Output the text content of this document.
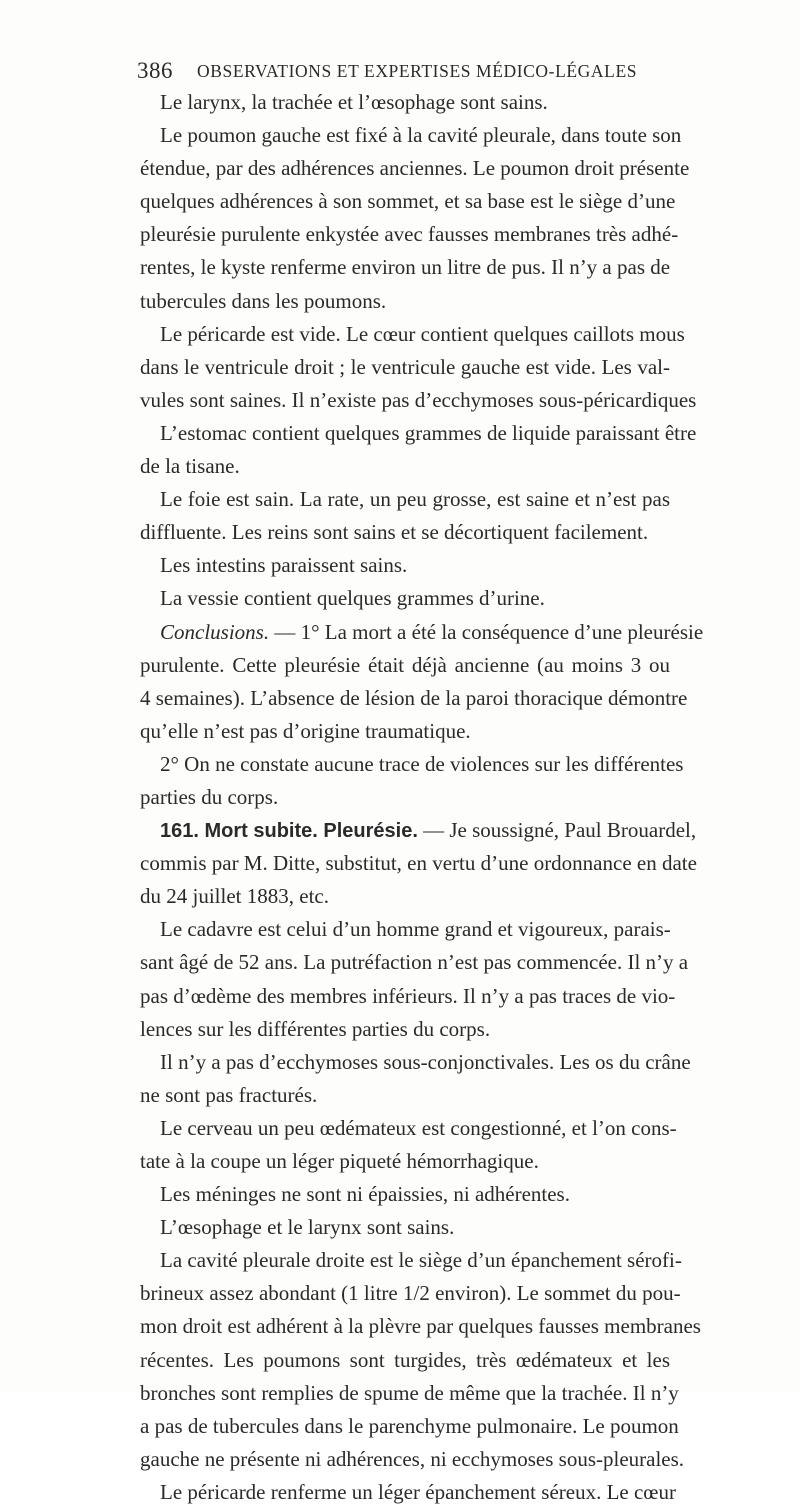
386 OBSERVATIONS ET EXPERTISES MÉDICO-LÉGALES
Le larynx, la trachée et l’œsophage sont sains.
Le poumon gauche est fixé à la cavité pleurale, dans toute son
étendue, par des adhérences anciennes. Le poumon droit présente
quelques adhérences à son sommet, et sa base est le siège d’une
pleurésie purulente enkystée avec fausses membranes très adhé-
rentes, le kyste renferme environ un litre de pus. Il n’y a pas de
tubercules dans les poumons.
Le péricarde est vide. Le cœur contient quelques caillots mous
dans le ventricule droit ; le ventricule gauche est vide. Les val-
vules sont saines. Il n’existe pas d’ecchymoses sous-péricardiques
L’estomac contient quelques grammes de liquide paraissant être
de la tisane.
Le foie est sain. La rate, un peu grosse, est saine et n’est pas
diffluente. Les reins sont sains et se décortiquent facilement.
Les intestins paraissent sains.
La vessie contient quelques grammes d’urine.
Conclusions. — 1° La mort a été la conséquence d’une pleurésie
purulente. Cette pleurésie était déjà ancienne (au moins 3 ou
4 semaines). L’absence de lésion de la paroi thoracique démontre
qu’elle n’est pas d’origine traumatique.
2° On ne constate aucune trace de violences sur les différentes
parties du corps.
161. Mort subite. Pleurésie. — Je soussigné, Paul Brouardel,
commis par M. Ditte, substitut, en vertu d’une ordonnance en date
du 24 juillet 1883, etc.
Le cadavre est celui d’un homme grand et vigoureux, parais-
sant âgé de 52 ans. La putréfaction n’est pas commencée. Il n’y a
pas d’œdème des membres inférieurs. Il n’y a pas traces de vio-
lences sur les différentes parties du corps.
Il n’y a pas d’ecchymoses sous-conjonctivales. Les os du crâne
ne sont pas fracturés.
Le cerveau un peu œdémateux est congestionné, et l’on cons-
tate à la coupe un léger piqueté hémorrhagique.
Les méninges ne sont ni épaissies, ni adhérentes.
L’œsophage et le larynx sont sains.
La cavité pleurale droite est le siège d’un épanchement sérofi-
brineux assez abondant (1 litre 1/2 environ). Le sommet du pou-
mon droit est adhérent à la plèvre par quelques fausses membranes
récentes. Les poumons sont turgides, très œdémateux et les
bronches sont remplies de spume de même que la trachée. Il n’y
a pas de tubercules dans le parenchyme pulmonaire. Le poumon
gauche ne présente ni adhérences, ni ecchymoses sous-pleurales.
Le péricarde renferme un léger épanchement séreux. Le cœur
